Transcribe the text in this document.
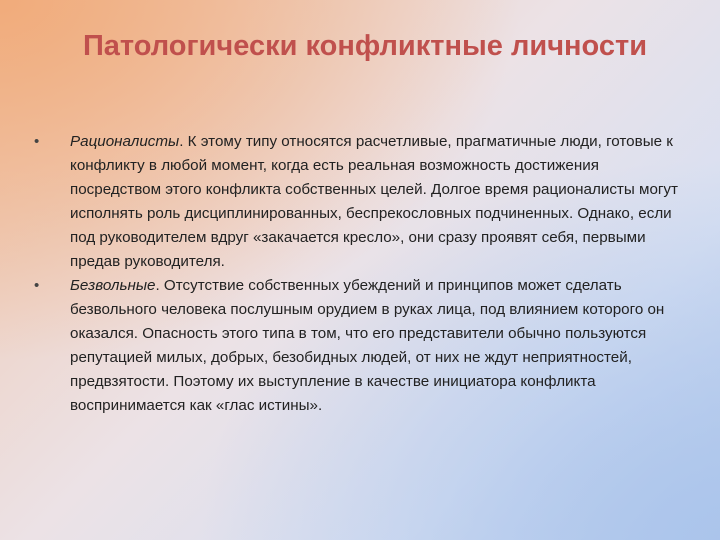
Патологически конфликтные личности
•	Рационалисты. К этому типу относятся расчетливые, прагматичные люди, готовые к конфликту в любой момент, когда есть реальная возможность достижения посредством этого конфликта собственных целей. Долгое время рационалисты могут исполнять роль дисциплинированных, беспрекословных подчиненных. Однако, если под руководителем вдруг «закачается кресло», они сразу проявят себя, первыми предав руководителя.
•	Безвольные. Отсутствие собственных убеждений и принципов может сделать безвольного человека послушным орудием в руках лица, под влиянием которого он оказался. Опасность этого типа в том, что его представители обычно пользуются репутацией милых, добрых, безобидных людей, от них не ждут неприятностей, предвзятости. Поэтому их выступление в качестве инициатора конфликта воспринимается как «глас истины».
